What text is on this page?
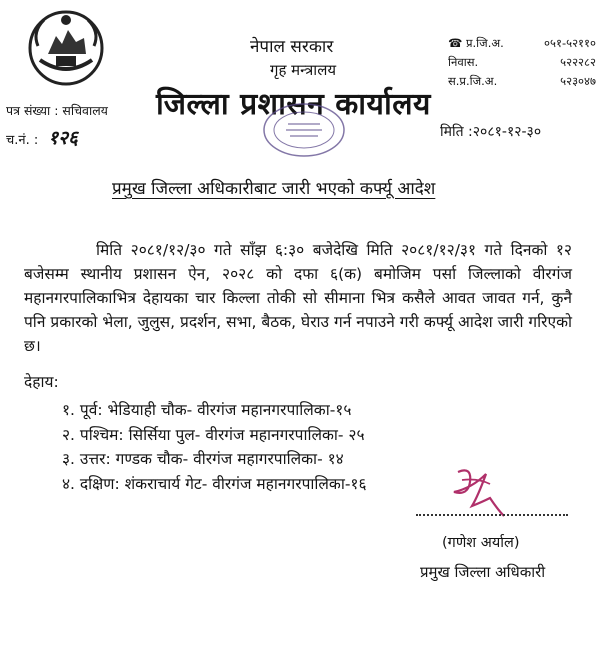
नेपाल सरकार
गृह मन्त्रालय
जिल्ला प्रशासन कार्यालय
☎ प्र.जि.अ.	०५१-५२११०
निवास.	५२२२८२
स.प्र.जि.अ.	५२३०४७
पत्र संख्या : सचिवालय
च.नं. : १२६	मिति :२०८१-१२-३०
प्रमुख जिल्ला अधिकारीबाट जारी भएको कर्फ्यू आदेश
मिति २०८१/१२/३० गते साँझ ६:३० बजेदेखि मिति २०८१/१२/३१ गते दिनको १२ बजेसम्म स्थानीय प्रशासन ऐन, २०२८ को दफा ६(क) बमोजिम पर्सा जिल्लाको वीरगंज महानगरपालिकाभित्र देहायका चार किल्ला तोकी सो सीमाना भित्र कसैले आवत जावत गर्न, कुनै पनि प्रकारको भेला, जुलुस, प्रदर्शन, सभा, बैठक, घेराउ गर्न नपाउने गरी कर्फ्यू आदेश जारी गरिएको छ।
देहाय:
१. पूर्व: भेडियाही चौक- वीरगंज महानगरपालिका-१५
२. पश्चिम: सिर्सिया पुल- वीरगंज महानगरपालिका- २५
३. उत्तर: गण्डक चौक- वीरगंज महागरपालिका- १४
४. दक्षिण: शंकराचार्य गेट- वीरगंज महानगरपालिका-१६
(गणेश अर्याल)
प्रमुख जिल्ला अधिकारी
